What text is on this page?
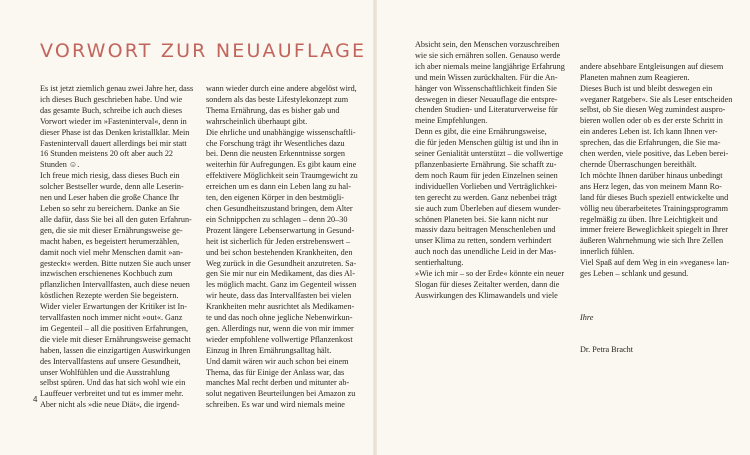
VORWORT ZUR NEUAUFLAGE

Es ist jetzt ziemlich genau zwei Jahre her, dass
ich dieses Buch geschrieben habe. Und wie
das gesamte Buch, schreibe ich auch dieses
Vorwort wieder im »Fasteninterval«, denn in
dieser Phase ist das Denken kristallklar. Mein
Fastenintervall dauert allerdings bei mir statt
16 Stunden meistens 20 oft aber auch 22
Stunden ☺.
Ich freue mich riesig, dass dieses Buch ein
solcher Bestseller wurde, denn alle Leserin-
nen und Leser haben die große Chance Ihr
Leben so sehr zu bereichern. Danke an Sie
alle dafür, dass Sie bei all den guten Erfahrun-
gen, die sie mit dieser Ernährungsweise ge-
macht haben, es begeistert herumerzählen,
damit noch viel mehr Menschen damit »an-
gesteckt« werden. Bitte nutzen Sie auch unser
inzwischen erschienenes Kochbuch zum
pflanzlichen Intervallfasten, auch diese neuen
köstlichen Rezepte werden Sie begeistern.
Wider vieler Erwartungen der Kritiker ist In-
tervallfasten noch immer nicht »out«. Ganz
im Gegenteil – all die positiven Erfahrungen,
die viele mit dieser Ernährungsweise gemacht
haben, lassen die einzigartigen Auswirkungen
des Intervallfastens auf unsere Gesundheit,
unser Wohlfühlen und die Ausstrahlung
selbst spüren. Und das hat sich wohl wie ein
Lauffeuer verbreitet und tut es immer mehr.
Aber nicht als »die neue Diät«, die irgend-

wann wieder durch eine andere abgelöst wird,
sondern als das beste Lifestylekonzept zum
Thema Ernährung, das es bisher gab und
wahrscheinlich überhaupt gibt.
Die ehrliche und unabhängige wissenschaftli-
che Forschung trägt ihr Wesentliches dazu
bei. Denn die neusten Erkenntnisse sorgen
weiterhin für Aufregungen. Es gibt kaum eine
effektivere Möglichkeit sein Traumgewicht zu
erreichen um es dann ein Leben lang zu hal-
ten, den eigenen Körper in den bestmögli-
chen Gesundheitszustand bringen, dem Alter
ein Schnippchen zu schlagen – denn 20–30
Prozent längere Lebenserwartung in Gesund-
heit ist sicherlich für Jeden erstrebenswert –
und bei schon bestehenden Krankheiten, den
Weg zurück in die Gesundheit anzutreten. Sa-
gen Sie mir nur ein Medikament, das dies Al-
les möglich macht. Ganz im Gegenteil wissen
wir heute, dass das Intervallfasten bei vielen
Krankheiten mehr ausrichtet als Medikamen-
te und das noch ohne jegliche Nebenwirkun-
gen. Allerdings nur, wenn die von mir immer
wieder empfohlene vollwertige Pflanzenkost
Einzug in Ihren Ernährungsalltag hält.
Und damit wären wir auch schon bei einem
Thema, das für Einige der Anlass war, das
manches Mal recht derben und mitunter ab-
solut negativen Beurteilungen bei Amazon zu
schreiben. Es war und wird niemals meine

4

Absicht sein, den Menschen vorzuschreiben
wie sie sich ernähren sollen. Genauso werde
ich aber niemals meine langjährige Erfahrung
und mein Wissen zurückhalten. Für die An-
hänger von Wissenschaftlichkeit finden Sie
deswegen in dieser Neuauflage die entspre-
chenden Studien- und Literaturverweise für
meine Empfehlungen.
Denn es gibt, die eine Ernährungsweise,
die für jeden Menschen gültig ist und ihn in
seiner Genialität unterstützt – die vollwertige
pflanzenbasierte Ernährung. Sie schafft zu-
dem noch Raum für jeden Einzelnen seinen
individuellen Vorlieben und Verträglichkei-
ten gerecht zu werden. Ganz nebenbei trägt
sie auch zum Überleben auf diesem wunder-
schönen Planeten bei. Sie kann nicht nur
massiv dazu beitragen Menschenleben und
unser Klima zu retten, sondern verhindert
auch noch das unendliche Leid in der Mas-
sentierhaltung.
»Wie ich mir – so der Erde« könnte ein neuer
Slogan für dieses Zeitalter werden, dann die
Auswirkungen des Klimawandels und viele

andere absehbare Entgleisungen auf diesem
Planeten mahnen zum Reagieren.
Dieses Buch ist und bleibt deswegen ein
»veganer Ratgeber«. Sie als Leser entscheiden
selbst, ob Sie diesen Weg zumindest auspro-
bieren wollen oder ob es der erste Schritt in
ein anderes Leben ist. Ich kann Ihnen ver-
sprechen, das die Erfahrungen, die Sie ma-
chen werden, viele positive, das Leben berei-
chernde Überraschungen bereithält.
Ich möchte Ihnen darüber hinaus unbedingt
ans Herz legen, das von meinem Mann Ro-
land für dieses Buch speziell entwickelte und
völlig neu überarbeitetes Trainingsprogramm
regelmäßig zu üben. Ihre Leichtigkeit und
immer freiere Beweglichkeit spiegelt in Ihrer
äußeren Wahrnehmung wie sich Ihre Zellen
innerlich fühlen.
Viel Spaß auf dem Weg in ein »veganes« lan-
ges Leben – schlank und gesund.

Ihre

Dr. Petra Bracht
